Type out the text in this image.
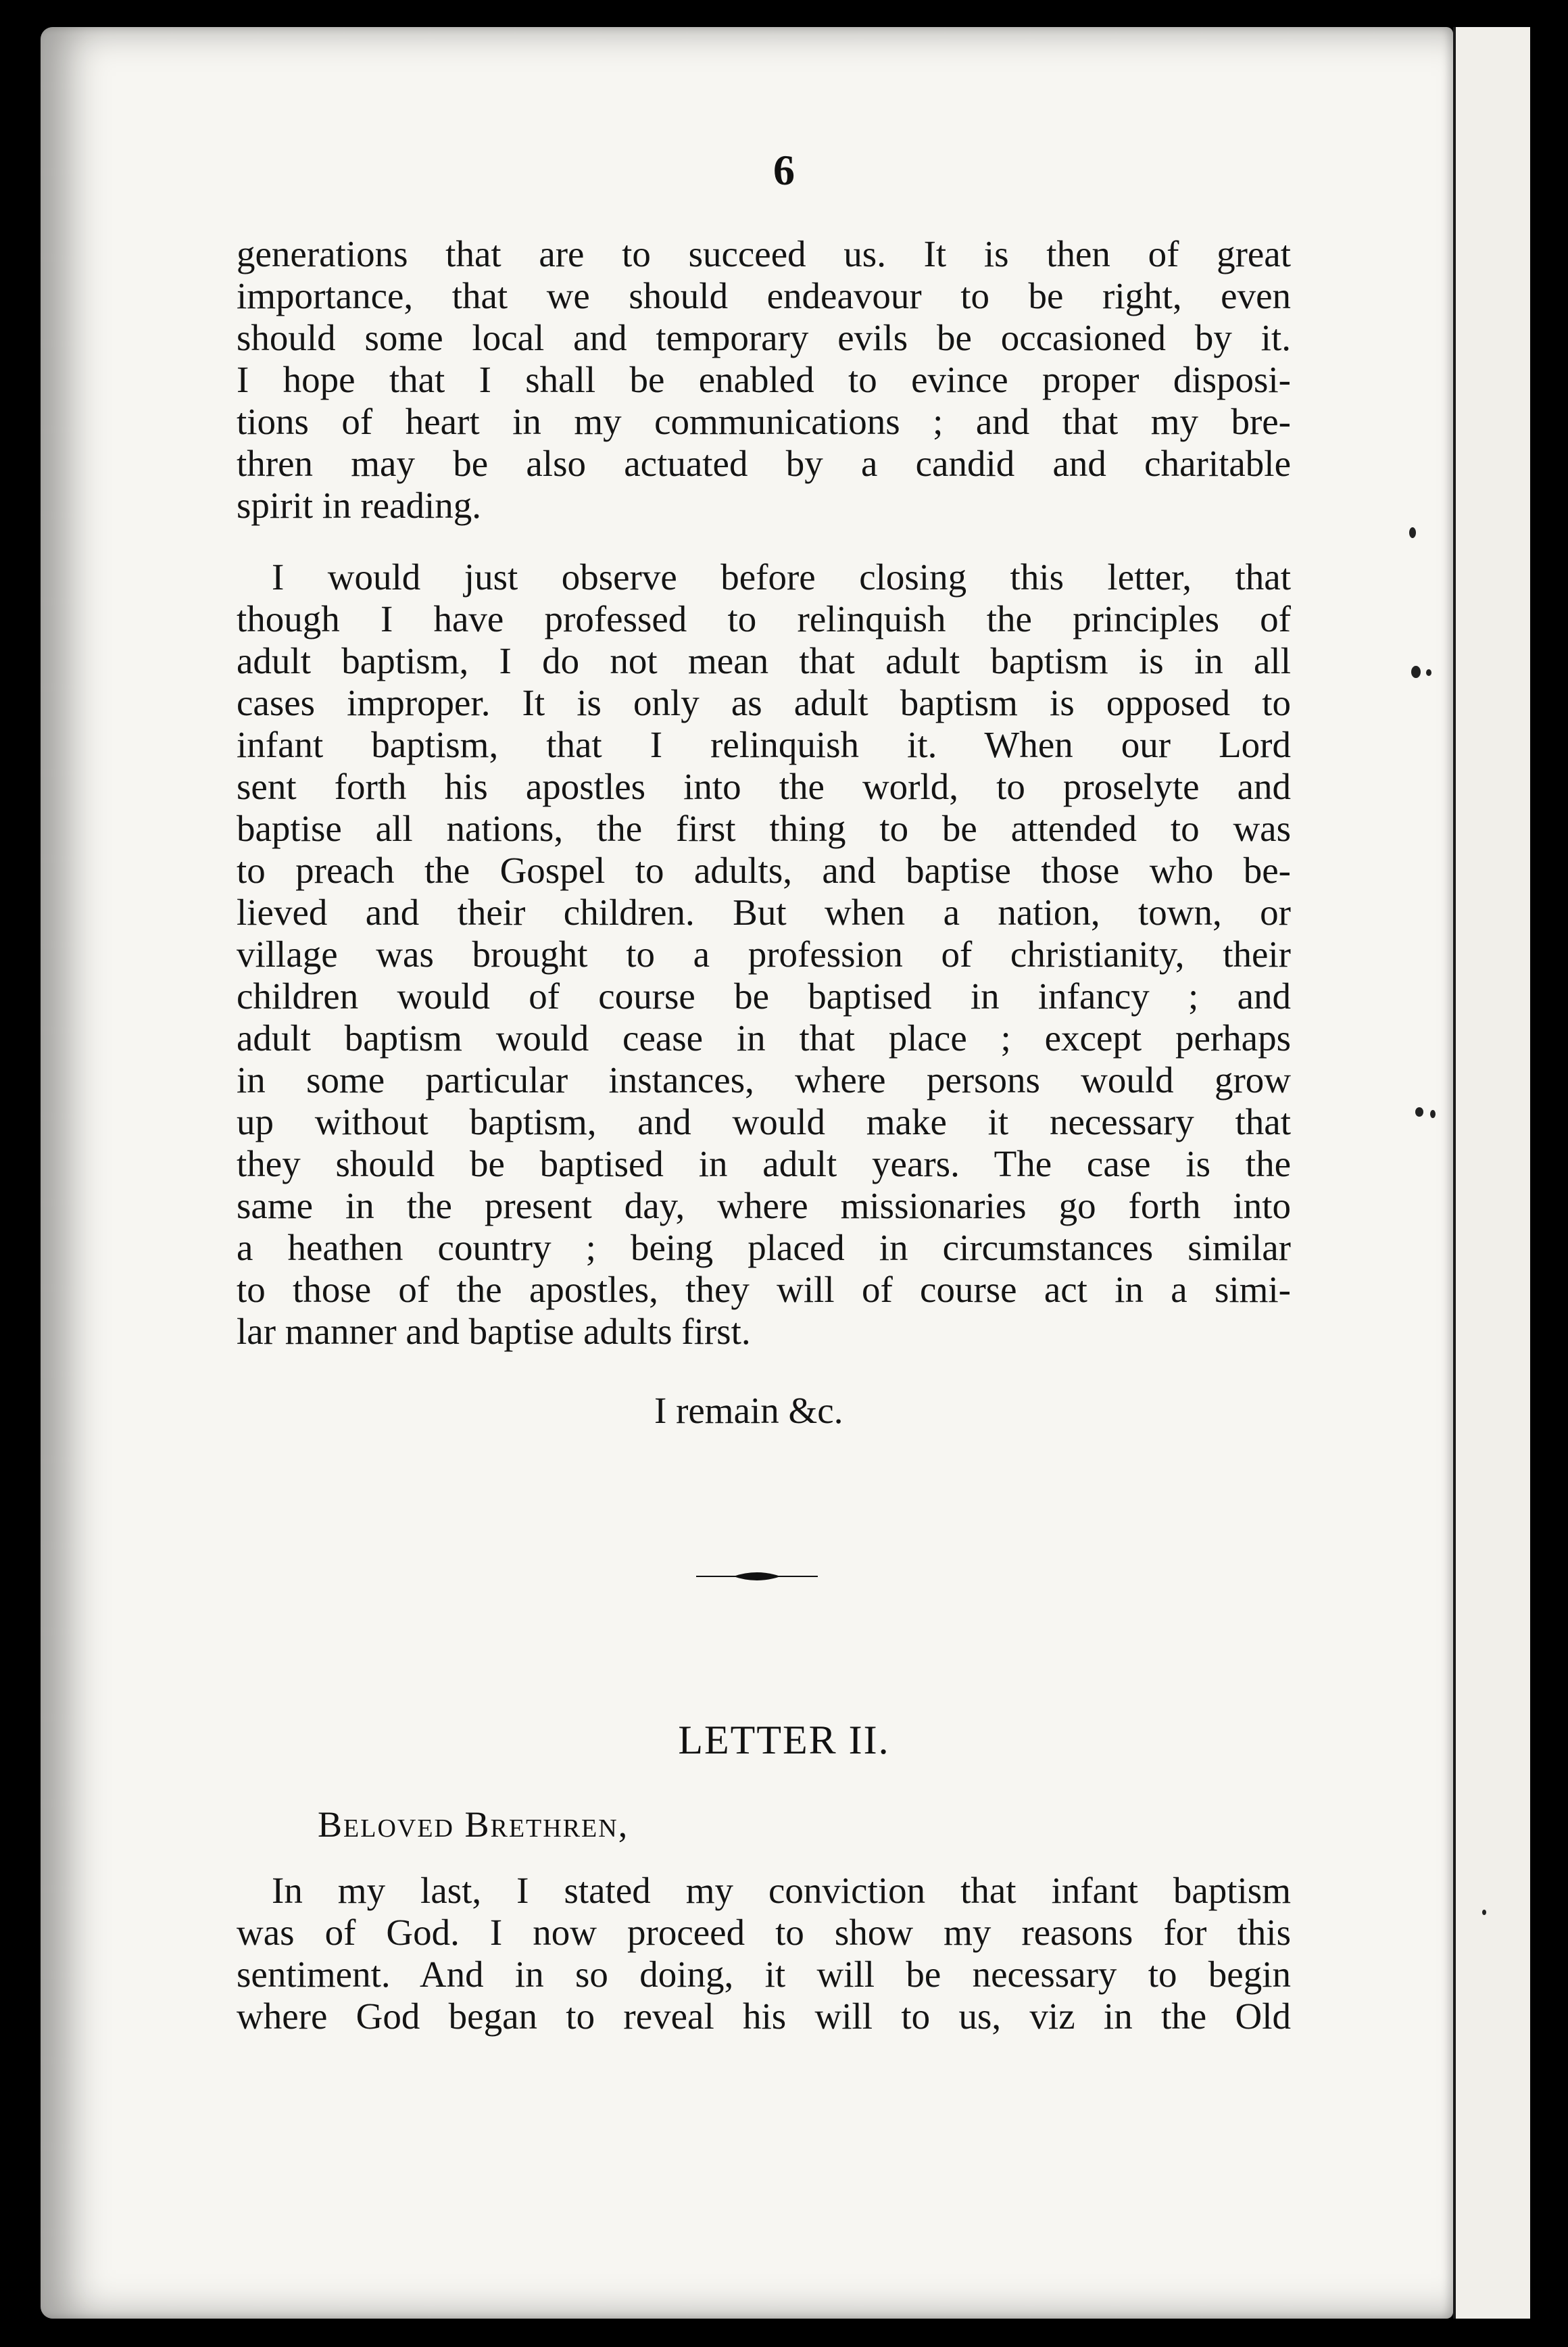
6

generations that are to succeed us. It is then of great

importance, that we should endeavour to be right, even

should some local and temporary evils be occasioned by it.

I hope that I shall be enabled to evince proper disposi-

tions of heart in my communications ; and that my bre-

thren may be also actuated by a candid and charitable

spirit in reading.

I would just observe before closing this letter, that

though I have professed to relinquish the principles of

adult baptism, I do not mean that adult baptism is in all

cases improper. It is only as adult baptism is opposed to

infant baptism, that I relinquish it. When our Lord

sent forth his apostles into the world, to proselyte and

baptise all nations, the first thing to be attended to was

to preach the Gospel to adults, and baptise those who be-

lieved and their children. But when a nation, town, or

village was brought to a profession of christianity, their

children would of course be baptised in infancy ; and

adult baptism would cease in that place ; except perhaps

in some particular instances, where persons would grow

up without baptism, and would make it necessary that

they should be baptised in adult years. The case is the

same in the present day, where missionaries go forth into

a heathen country ; being placed in circumstances similar

to those of the apostles, they will of course act in a simi-

lar manner and baptise adults first.

I remain &c.

LETTER II.

Beloved Brethren,

In my last, I stated my conviction that infant baptism

was of God. I now proceed to show my reasons for this

sentiment. And in so doing, it will be necessary to begin

where God began to reveal his will to us, viz in the Old
